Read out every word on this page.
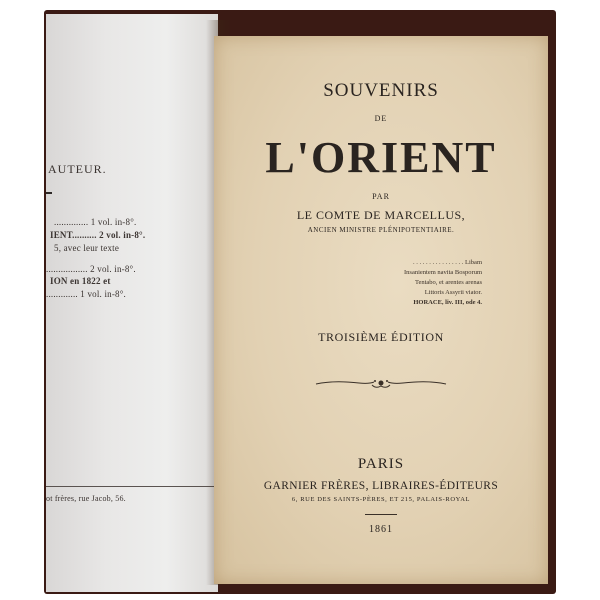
AUTEUR.
.............. 1 vol. in-8°.
IENT.......... 2 vol. in-8°.
5, avec leur texte
................. 2 vol. in-8°.
ION en 1822 et
............. 1 vol. in-8°.
ot frères, rue Jacob, 56.
SOUVENIRS
DE
L'ORIENT
PAR
LE COMTE DE MARCELLUS,
ANCIEN MINISTRE PLÉNIPOTENTIAIRE.
. . . . . . . . . . . . . . . . Libam
Insanientem navita Bosporum
Tentabo, et arentes arenas
Littoris Assyrii viator.
HORACE, liv. III, ode 4.
TROISIÈME ÉDITION
PARIS
GARNIER FRÈRES, LIBRAIRES-ÉDITEURS
6, RUE DES SAINTS-PÈRES, ET 215, PALAIS-ROYAL
1861
